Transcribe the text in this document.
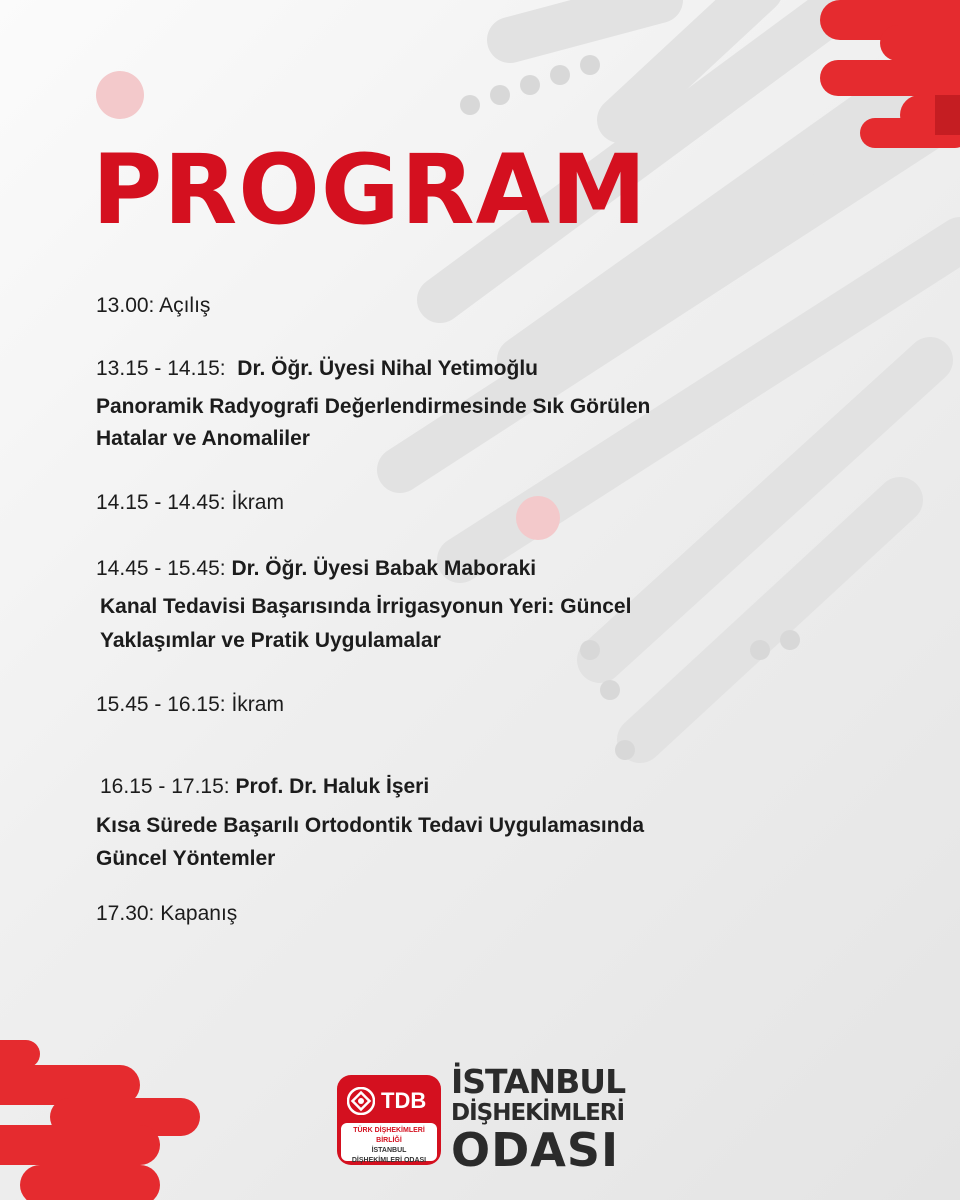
PROGRAM
13.00: Açılış
13.15 - 14.15: Dr. Öğr. Üyesi Nihal Yetimoğlu
Panoramik Radyografi Değerlendirmesinde Sık Görülen
Hatalar ve Anomaliler
14.15 - 14.45: İkram
14.45 - 15.45: Dr. Öğr. Üyesi Babak Maboraki
Kanal Tedavisi Başarısında İrrigasyonun Yeri: Güncel
Yaklaşımlar ve Pratik Uygulamalar
15.45 - 16.15: İkram
16.15 - 17.15: Prof. Dr. Haluk İşeri
Kısa Sürede Başarılı Ortodontik Tedavi Uygulamasında
Güncel Yöntemler
17.30: Kapanış
TDB
TÜRK DİŞHEKİMLERİ BİRLİĞİ
İSTANBUL
DİŞHEKİMLERİ ODASI
İSTANBUL
DİŞHEKİMLERİ
ODASI
